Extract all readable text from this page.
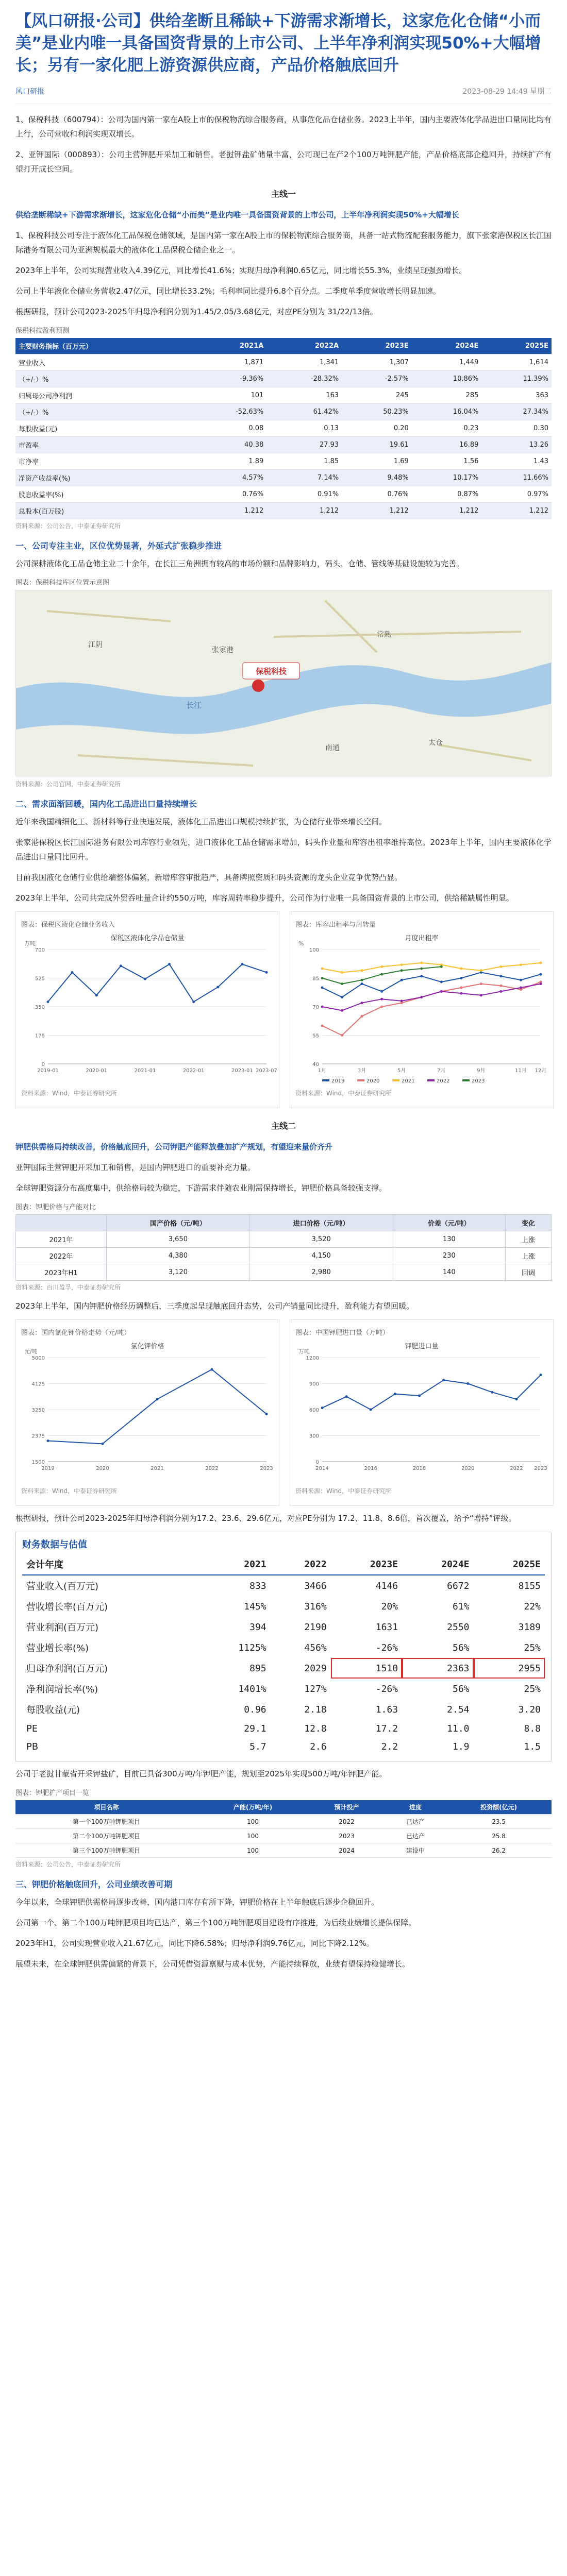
【风口研报·公司】供给垄断且稀缺+下游需求渐增长，这家危化仓储“小而美”是业内唯一具备国资背景的上市公司、上半年净利润实现50%+大幅增长；另有一家化肥上游资源供应商，产品价格触底回升
风口研报	2023-08-29 14:49 星期二

1、保税科技（600794）：公司为国内第一家在A股上市的保税物流综合服务商，从事危化品仓储业务。2023上半年，国内主要液体化学品进出口量同比均有上行，公司营收和利润实现双增长。

2、亚钾国际（000893）：公司主营钾肥开采加工和销售。老挝钾盐矿储量丰富，公司现已在产2个100万吨钾肥产能，产品价格底部企稳回升，持续扩产有望打开成长空间。

主线一

供给垄断稀缺+下游需求渐增长，这家危化仓储“小而美”是业内唯一具备国资背景的上市公司，上半年净利润实现50%+大幅增长

1、保税科技公司专注于液体化工品保税仓储领域，是国内第一家在A股上市的保税物流综合服务商，具备一站式物流配套服务能力，旗下张家港保税区长江国际港务有限公司为亚洲规模最大的液体化工品保税仓储企业之一。

2023年上半年，公司实现营业收入4.39亿元，同比增长41.6%；实现归母净利润0.65亿元，同比增长55.3%，业绩呈现强劲增长。

公司上半年液化仓储业务营收2.47亿元，同比增长33.2%；毛利率同比提升6.8个百分点。二季度单季度营收增长明显加速。

根据研报，预计公司2023-2025年归母净利润分别为1.45/2.05/3.68亿元，对应PE分别为 31/22/13倍。

保税科技盈利预测
主要财务指标（百万元）	2021A	2022A	2023E	2024E	2025E
营业收入	1,871	1,341	1,307	1,449	1,614
（+/-）%	-9.36%	-28.32%	-2.57%	10.86%	11.39%
归属母公司净利润	101	163	245	285	363
（+/-）%	-52.63%	61.42%	50.23%	16.04%	27.34%
每股收益(元)	0.08	0.13	0.20	0.23	0.30
市盈率	40.38	27.93	19.61	16.89	13.26
市净率	1.89	1.85	1.69	1.56	1.43
净资产收益率(%)	4.57%	7.14%	9.48%	10.17%	11.66%
股息收益率(%)	0.76%	0.91%	0.76%	0.87%	0.97%
总股本(百万股)	1,212	1,212	1,212	1,212	1,212
资料来源：公司公告，中泰证券研究所
一、公司专注主业，区位优势显著，外延式扩张稳步推进

公司深耕液体化工品仓储主业二十余年，在长江三角洲拥有较高的市场份额和品牌影响力，码头、仓储、管线等基础设施较为完善。

图表：保税科技库区位置示意图
保税科技
长江
张家港
太仓
常熟
南通
江阴
资料来源：公司官网，中泰证券研究所
二、需求面渐回暖，国内化工品进出口量持续增长

近年来我国精细化工、新材料等行业快速发展，液体化工品进出口规模持续扩张，为仓储行业带来增长空间。

张家港保税区长江国际港务有限公司库容行业领先，进口液体化工品仓储需求增加，码头作业量和库容出租率维持高位。2023年上半年，国内主要液体化学品进出口量同比回升。

目前我国液化仓储行业供给端整体偏紧，新增库容审批趋严，具备牌照资质和码头资源的龙头企业竞争优势凸显。

2023年上半年，公司共完成外贸吞吐量合计约550万吨，库容周转率稳步提升，公司作为行业唯一具备国资背景的上市公司，供给稀缺属性明显。

图表：保税区液化仓储业务收入
保税区液体化学品仓储量
万吨
0
175
350
525
700
2019-01	2020-01	2021-01	2022-01	2023-01 2023-07
资料来源：Wind，中泰证券研究所
图表：库容出租率与周转量
月度出租率
%
40
55
70
85
100
1月	3月	5月	7月	9月	11月 12月
2019	2020	2021	2022	2023
资料来源：Wind，中泰证券研究所
主线二

钾肥供需格局持续改善，价格触底回升，公司钾肥产能释放叠加扩产规划，有望迎来量价齐升

亚钾国际主营钾肥开采加工和销售，是国内钾肥进口的重要补充力量。

全球钾肥资源分布高度集中，供给格局较为稳定，下游需求伴随农业刚需保持增长，钾肥价格具备较强支撑。

图表：钾肥价格与产能对比
	国产价格（元/吨）	进口价格（元/吨）	价差（元/吨）	变化
2021年	3,650	3,520	130	上涨
2022年	4,380	4,150	230	上涨
2023年H1	3,120	2,980	140	回调
资料来源：百川盈孚，中泰证券研究所

2023年上半年，国内钾肥价格经历调整后，三季度起呈现触底回升态势，公司产销量同比提升，盈利能力有望回暖。

图表：国内氯化钾价格走势（元/吨）
氯化钾价格
元/吨
1500
2375
3250
4125
5000
2019	2020	2021	2022	2023
资料来源：Wind，中泰证券研究所
图表：中国钾肥进口量（万吨）
钾肥进口量
万吨
0
300
600
900
1200
2014	2016	2018	2020	2022 2023
资料来源：Wind，中泰证券研究所

根据研报，预计公司2023-2025年归母净利润分别为17.2、23.6、29.6亿元，对应PE分别为 17.2、11.8、8.6倍，首次覆盖，给予“增持”评级。

财务数据与估值
会计年度	2021	2022	2023E	2024E	2025E
营业收入(百万元)	833	3466	4146	6672	8155
营收增长率(百万元)	145%	316%	20%	61%	22%
营业利润(百万元)	394	2190	1631	2550	3189
营业增长率(%)	1125%	456%	-26%	56%	25%
归母净利润(百万元)	895	2029	1510	2363	2955
净利润增长率(%)	1401%	127%	-26%	56%	25%
每股收益(元)	0.96	2.18	1.63	2.54	3.20
PE	29.1	12.8	17.2	11.0	8.8
PB	5.7	2.6	2.2	1.9	1.5

公司于老挝甘蒙省开采钾盐矿，目前已具备300万吨/年钾肥产能，规划至2025年实现500万吨/年钾肥产能。

图表：钾肥扩产项目一览
项目名称	产能(万吨/年)	预计投产	进度	投资额(亿元)
第一个100万吨钾肥项目	100	2022	已达产	23.5
第二个100万吨钾肥项目	100	2023	已达产	25.8
第三个100万吨钾肥项目	100	2024	建设中	26.2
资料来源：公司公告，中泰证券研究所
三、钾肥价格触底回升，公司业绩改善可期

今年以来，全球钾肥供需格局逐步改善，国内港口库存有所下降，钾肥价格在上半年触底后逐步企稳回升。

公司第一个、第二个100万吨钾肥项目均已达产，第三个100万吨钾肥项目建设有序推进，为后续业绩增长提供保障。

2023年H1，公司实现营业收入21.67亿元，同比下降6.58%；归母净利润9.76亿元，同比下降2.12%。

展望未来，在全球钾肥供需偏紧的背景下，公司凭借资源禀赋与成本优势，产能持续释放，业绩有望保持稳健增长。
